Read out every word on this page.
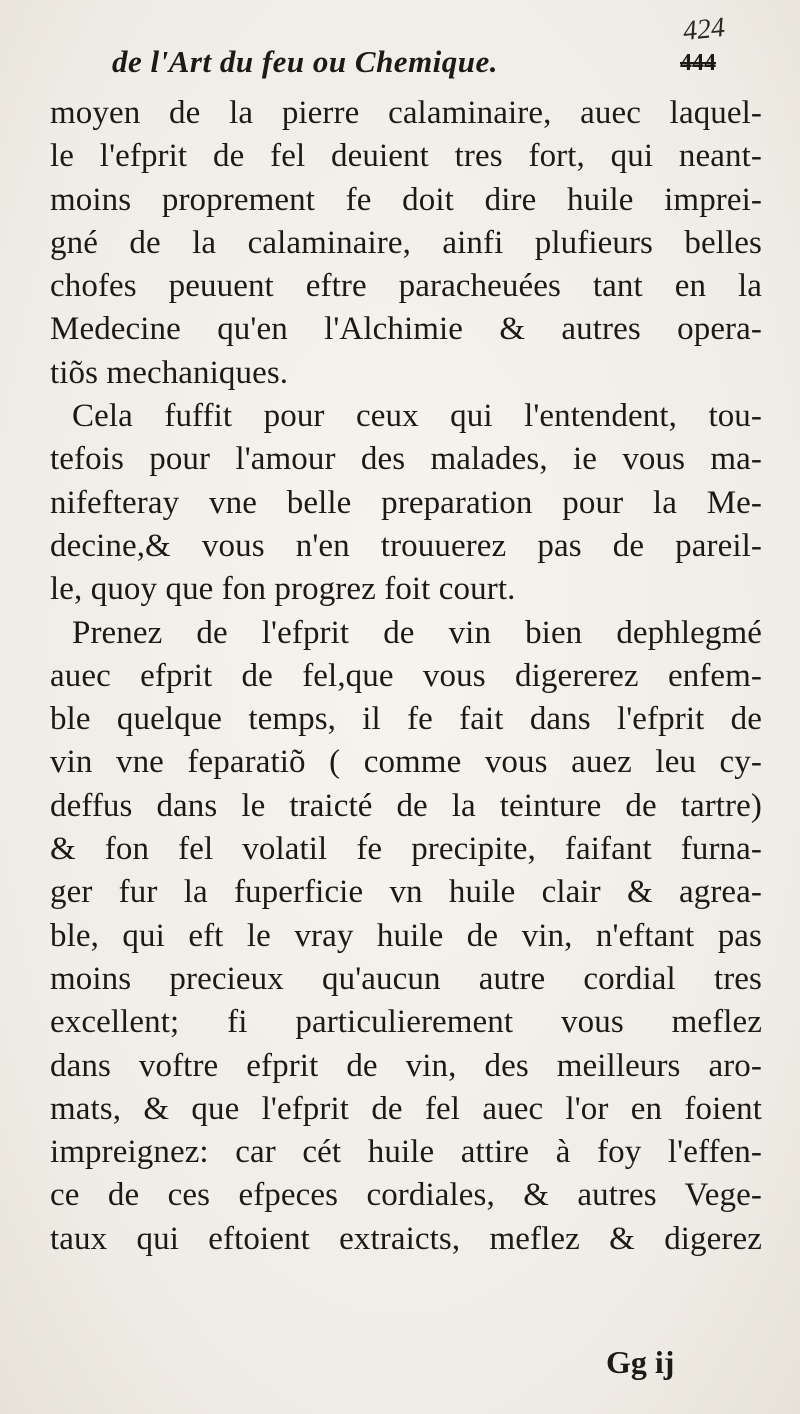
de l'Art du feu ou Chemique.
424
444
moyen de la pierre calaminaire, auec laquel-
le l'efprit de fel deuient tres fort, qui neant-
moins proprement fe doit dire huile imprei-
gné de la calaminaire, ainfi plufieurs belles
chofes peuuent eftre paracheuées tant en la
Medecine qu'en l'Alchimie & autres opera-
tiõs mechaniques.
Cela fuffit pour ceux qui l'entendent, tou-
tefois pour l'amour des malades, ie vous ma-
nifefteray vne belle preparation pour la Me-
decine,& vous n'en trouuerez pas de pareil-
le, quoy que fon progrez foit court.
Prenez de l'efprit de vin bien dephlegmé
auec efprit de fel,que vous digererez enfem-
ble quelque temps, il fe fait dans l'efprit de
vin vne feparatiõ ( comme vous auez leu cy-
deffus dans le traicté de la teinture de tartre)
& fon fel volatil fe precipite, faifant furna-
ger fur la fuperficie vn huile clair & agrea-
ble, qui eft le vray huile de vin, n'eftant pas
moins precieux qu'aucun autre cordial tres
excellent; fi particulierement vous meflez
dans voftre efprit de vin, des meilleurs aro-
mats, & que l'efprit de fel auec l'or en foient
impreignez: car cét huile attire à foy l'effen-
ce de ces efpeces cordiales, & autres Vege-
taux qui eftoient extraicts, meflez & digerez
Gg ij
